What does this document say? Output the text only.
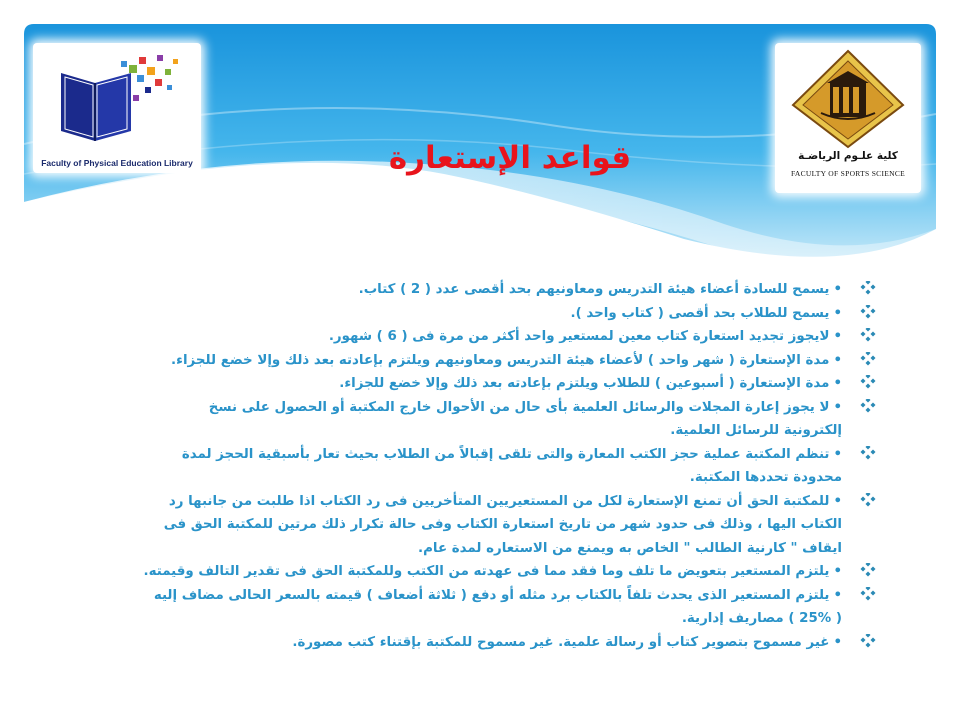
Faculty of Physical Education Library
كلية علـوم الرياضـة
FACULTY OF SPORTS SCIENCE
قواعد الإستعارة
•يسمح للسادة أعضاء هيئة التدريس ومعاونيهم بحد أقصى عدد ( 2 ) كتاب.
•يسمح للطلاب بحد أقصى ( كتاب واحد ).
•لايجوز تجديد استعارة كتاب معين لمستعير واحد أكثر من مرة فى ( 6 ) شهور.
•مدة الإستعارة ( شهر واحد ) لأعضاء هيئة التدريس ومعاونيهم ويلتزم بإعادته بعد ذلك وإلا خضع للجزاء.
•مدة الإستعارة ( أسبوعين ) للطلاب ويلتزم بإعادته بعد ذلك وإلا خضع للجزاء.
•لا يجوز إعارة المجلات والرسائل العلمية بأى حال من الأحوال خارج المكتبة أو الحصول على نسخ
إلكترونية للرسائل العلمية.
•تنظم المكتبة عملية حجز الكتب المعارة والتى تلقى إقبالاً من الطلاب بحيث تعار بأسبقية الحجز لمدة
محدودة تحددها المكتبة.
•للمكتبة الحق أن تمنع الإستعارة لكل من المستعيريين المتأخريين فى رد الكتاب اذا طلبت من جانبها رد
الكتاب اليها ، وذلك فى حدود شهر من تاريخ استعارة الكتاب وفى حالة تكرار ذلك مرتين للمكتبة الحق فى
ايقاف " كارنية الطالب " الخاص به ويمنع من الاستعاره لمدة عام.
•يلتزم المستعير بتعويض ما تلف وما فقد مما فى عهدته من الكتب وللمكتبة الحق فى تقدير التالف وقيمته.
•يلتزم المستعير الذى يحدث تلفاً بالكتاب برد مثله أو دفع ( ثلاثة أضعاف ) قيمته بالسعر الحالى مضاف إليه
( 25% ) مصاريف إدارية.
•غير مسموح بتصوير كتاب أو رسالة علمية. غير مسموح للمكتبة بإقتناء كتب مصورة.
